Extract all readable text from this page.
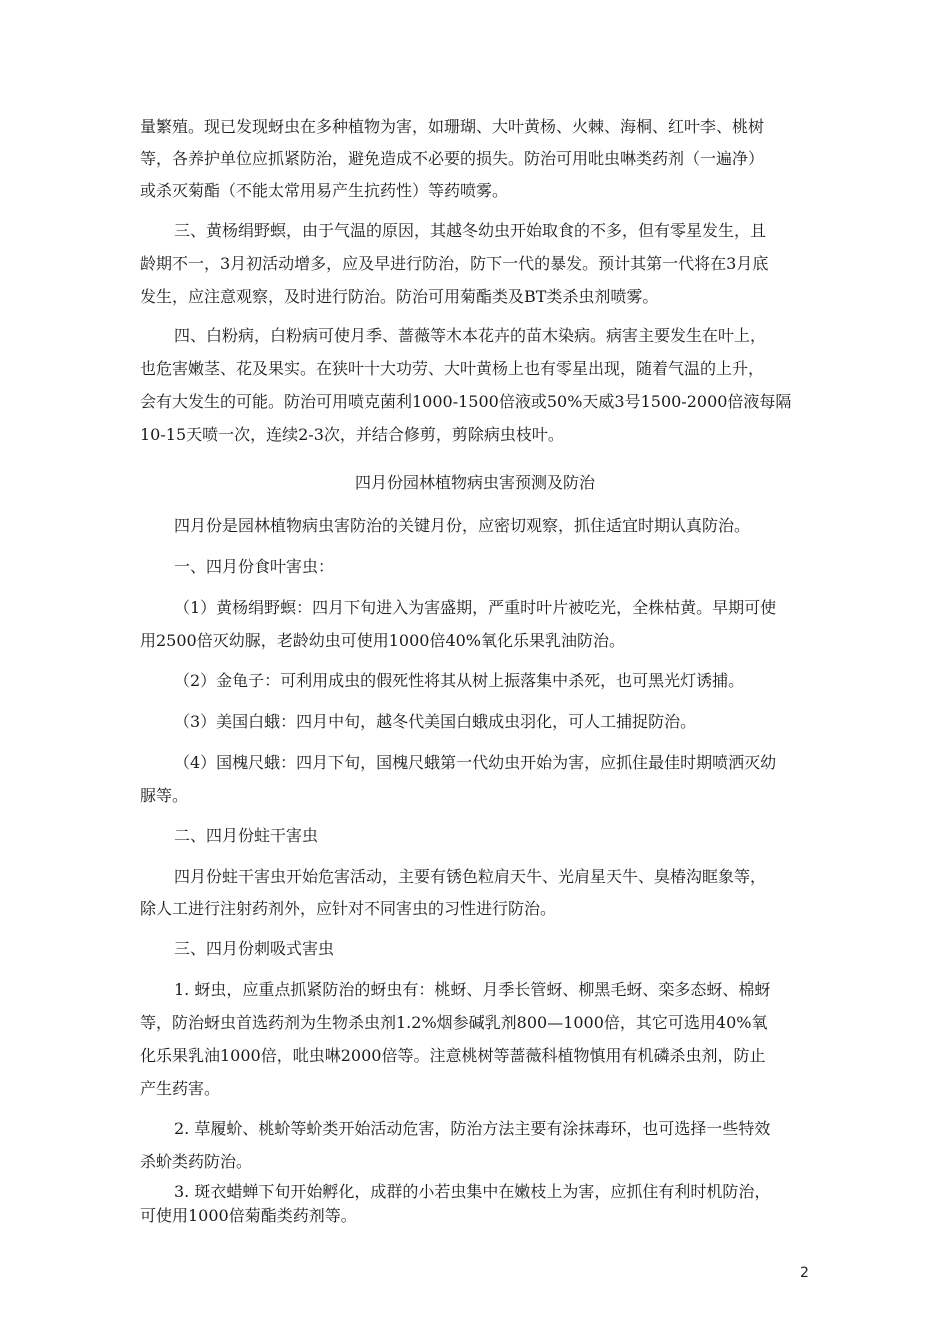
量繁殖。现已发现蚜虫在多种植物为害，如珊瑚、大叶黄杨、火棘、海桐、红叶李、桃树
等，各养护单位应抓紧防治，避免造成不必要的损失。防治可用吡虫啉类药剂（一遍净）
或杀灭菊酯（不能太常用易产生抗药性）等药喷雾。
三、黄杨绢野螟，由于气温的原因，其越冬幼虫开始取食的不多，但有零星发生，且
龄期不一，3月初活动增多，应及早进行防治，防下一代的暴发。预计其第一代将在3月底
发生，应注意观察，及时进行防治。防治可用菊酯类及BT类杀虫剂喷雾。
四、白粉病，白粉病可使月季、蔷薇等木本花卉的苗木染病。病害主要发生在叶上，
也危害嫩茎、花及果实。在狭叶十大功劳、大叶黄杨上也有零星出现，随着气温的上升，
会有大发生的可能。防治可用喷克菌利1000-1500倍液或50%天威3号1500-2000倍液每隔
10-15天喷一次，连续2-3次，并结合修剪，剪除病虫枝叶。
四月份园林植物病虫害预测及防治
四月份是园林植物病虫害防治的关键月份，应密切观察，抓住适宜时期认真防治。
一、四月份食叶害虫：
（1）黄杨绢野螟：四月下旬进入为害盛期，严重时叶片被吃光，全株枯黄。早期可使
用2500倍灭幼脲，老龄幼虫可使用1000倍40%氧化乐果乳油防治。
（2）金龟子：可利用成虫的假死性将其从树上振落集中杀死，也可黑光灯诱捕。
（3）美国白蛾：四月中旬，越冬代美国白蛾成虫羽化，可人工捕捉防治。
（4）国槐尺蛾：四月下旬，国槐尺蛾第一代幼虫开始为害，应抓住最佳时期喷洒灭幼
脲等。
二、四月份蛀干害虫
四月份蛀干害虫开始危害活动，主要有锈色粒肩天牛、光肩星天牛、臭椿沟眶象等，
除人工进行注射药剂外，应针对不同害虫的习性进行防治。
三、四月份刺吸式害虫
1. 蚜虫，应重点抓紧防治的蚜虫有：桃蚜、月季长管蚜、柳黑毛蚜、栾多态蚜、棉蚜
等，防治蚜虫首选药剂为生物杀虫剂1.2%烟参碱乳剂800—1000倍，其它可选用40%氧
化乐果乳油1000倍，吡虫啉2000倍等。注意桃树等蔷薇科植物慎用有机磷杀虫剂，防止
产生药害。
2. 草履蚧、桃蚧等蚧类开始活动危害，防治方法主要有涂抹毒环，也可选择一些特效
杀蚧类药防治。
3. 斑衣蜡蝉下旬开始孵化，成群的小若虫集中在嫩枝上为害，应抓住有利时机防治，
可使用1000倍菊酯类药剂等。
2
